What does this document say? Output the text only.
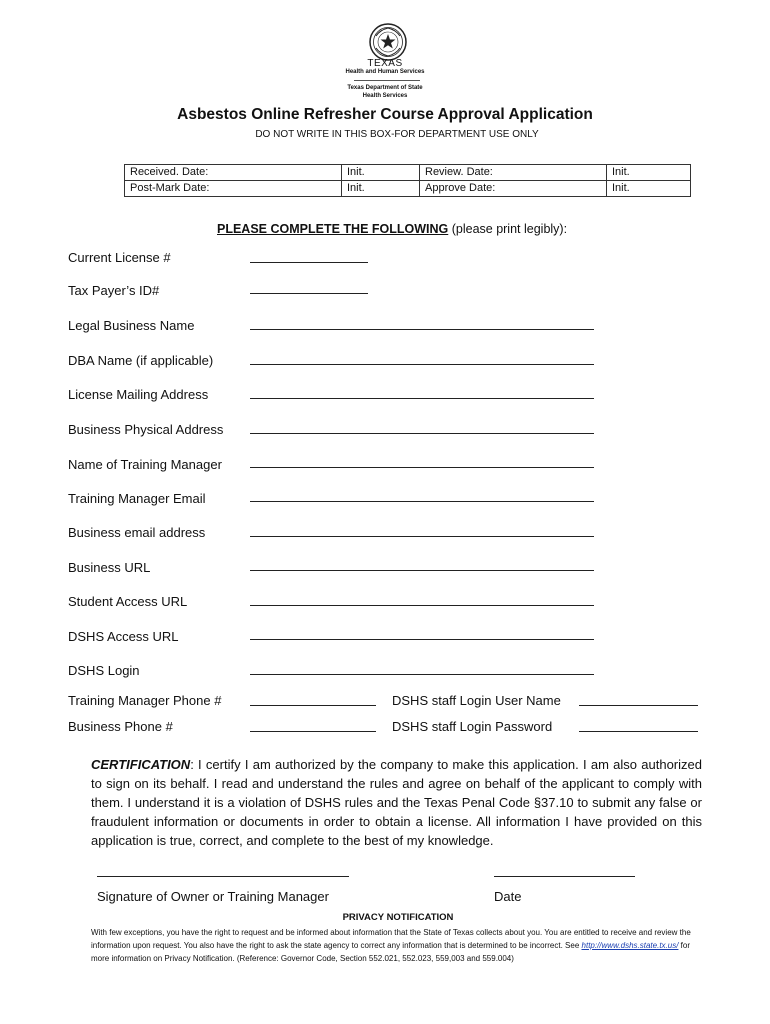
TEXAS
Health and Human Services
Texas Department of State
Health Services
Asbestos Online Refresher Course Approval Application
DO NOT WRITE IN THIS BOX-FOR DEPARTMENT USE ONLY
Received. Date:	Init.	Review. Date:	Init.
Post-Mark Date:	Init.	Approve Date:	Init.
PLEASE COMPLETE THE FOLLOWING (please print legibly):
Current License #
Tax Payer’s ID#
Legal Business Name
DBA Name (if applicable)
License Mailing Address
Business Physical Address
Name of Training Manager
Training Manager Email
Business email address
Business URL
Student Access URL
DSHS Access URL
DSHS Login
Training Manager Phone #	DSHS staff Login User Name
Business Phone #	DSHS staff Login Password
CERTIFICATION: I certify I am authorized by the company to make this application. I am also authorized to sign on its behalf. I read and understand the rules and agree on behalf of the applicant to comply with them. I understand it is a violation of DSHS rules and the Texas Penal Code §37.10 to submit any false or fraudulent information or documents in order to obtain a license. All information I have provided on this application is true, correct, and complete to the best of my knowledge.
Signature of Owner or Training Manager	Date
PRIVACY NOTIFICATION
With few exceptions, you have the right to request and be informed about information that the State of Texas collects about you. You are entitled to receive and review the information upon request. You also have the right to ask the state agency to correct any information that is determined to be incorrect. See http://www.dshs.state.tx.us/ for more information on Privacy Notification. (Reference: Governor Code, Section 552.021, 552.023, 559,003 and 559.004)
